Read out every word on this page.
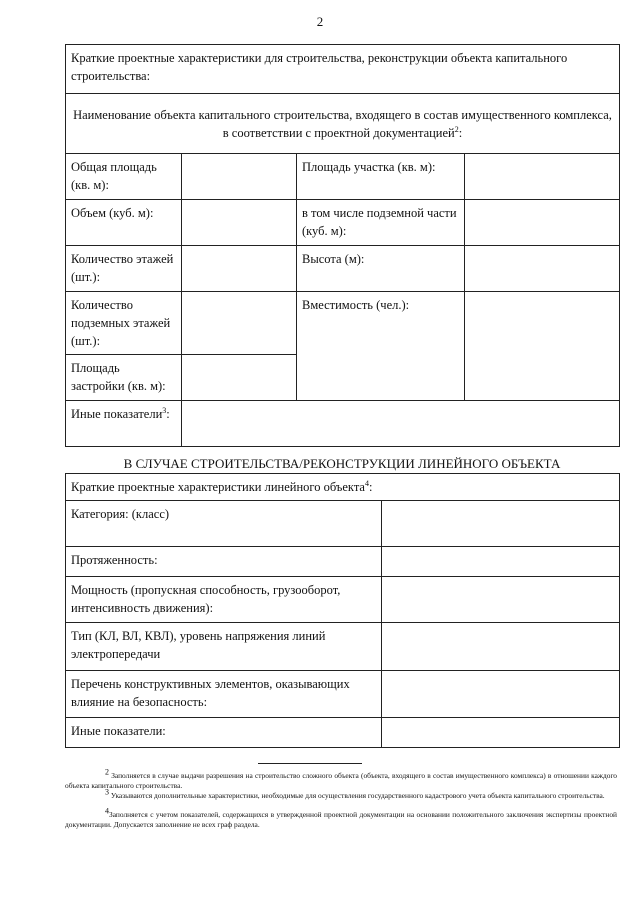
2
Краткие проектные характеристики для строительства, реконструкции объекта капитального строительства:			
Наименование объекта капитального строительства, входящего в состав имущественного комплекса, в соответствии с проектной документацией$^2$:			
Общая площадь (кв. м):		Площадь участка (кв. м):	
Объем (куб. м):		в том числе подземной части (куб. м):	
Количество этажей (шт.):		Высота (м):	
Количество подземных этажей (шт.):		Вместимость (чел.):	
Площадь застройки (кв. м):			
Иные показатели$^3$:			
В СЛУЧАЕ СТРОИТЕЛЬСТВА/РЕКОНСТРУКЦИИ ЛИНЕЙНОГО ОБЪЕКТА
Краткие проектные характеристики линейного объекта$^4$:	
Категория: (класс)	
Протяженность:	
Мощность (пропускная способность, грузооборот, интенсивность движения):	
Тип (КЛ, ВЛ, КВЛ), уровень напряжения линий электропередачи	
Перечень конструктивных элементов, оказывающих влияние на безопасность:	
Иные показатели:	
$^2$ Заполняется в случае выдачи разрешения на строительство сложного объекта (объекта, входящего в состав имущественного комплекса) в отношении каждого объекта капитального строительства.
$^3$ Указываются дополнительные характеристики, необходимые для осуществления государственного кадастрового учета объекта капитального строительства.
$^4$Заполняется с учетом показателей, содержащихся в утвержденной проектной документации на основании положительного заключения экспертизы проектной документации. Допускается заполнение не всех граф раздела.
